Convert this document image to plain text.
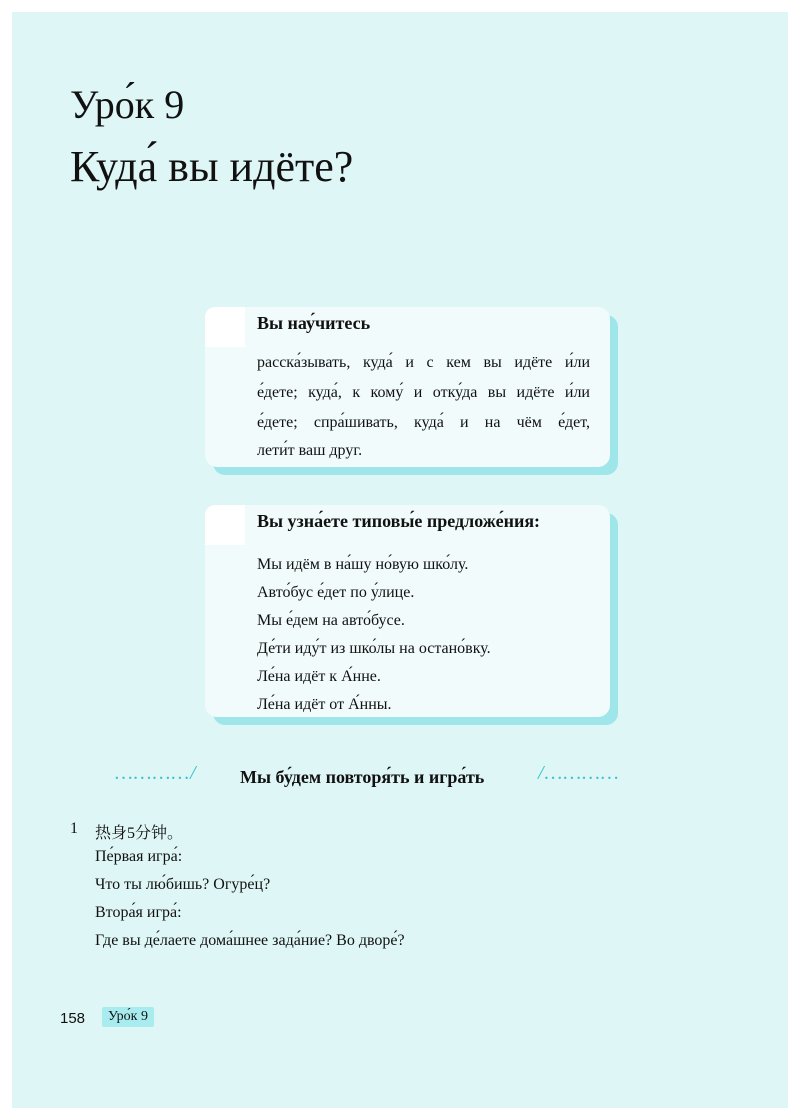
Уро́к 9
Куда́ вы идёте?
Вы нау́читесь
расска́зывать, куда́ и с кем вы идёте и́ли
е́дете; куда́, к кому́ и отку́да вы идёте и́ли
е́дете; спра́шивать, куда́ и на чём е́дет,
лети́т ваш друг.
Вы узна́ете типовы́е предложе́ния:
Мы идём в на́шу но́вую шко́лу.
Авто́бус е́дет по у́лице.
Мы е́дем на авто́бусе.
Де́ти иду́т из шко́лы на остано́вку.
Ле́на идёт к А́нне.
Ле́на идёт от А́нны.
…………/ Мы бу́дем повторя́ть и игра́ть	/…………
1 热身5分钟。
Пе́рвая игра́:
Что ты лю́бишь? Огуре́ц?
Втора́я игра́:
Где вы де́лаете дома́шнее зада́ние? Во дворе́?
158	Уро́к 9
